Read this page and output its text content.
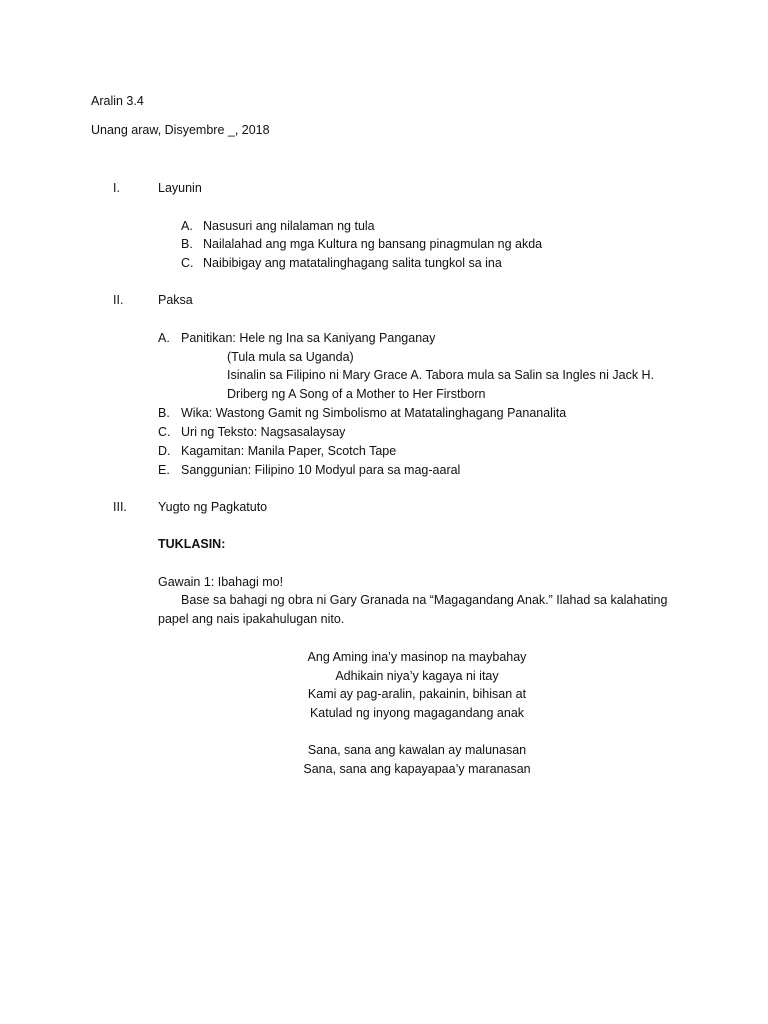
Aralin 3.4
Unang araw, Disyembre _, 2018
I.	Layunin
A. Nasusuri ang nilalaman ng tula
B. Nailalahad ang mga Kultura ng bansang pinagmulan ng akda
C. Naibibigay ang matatalinghagang salita tungkol sa ina
II.	Paksa
A. Panitikan: Hele ng Ina sa Kaniyang Panganay
(Tula mula sa Uganda)
Isinalin sa Filipino ni Mary Grace A. Tabora mula sa Salin sa Ingles ni Jack H.
Driberg ng A Song of a Mother to Her Firstborn
B. Wika: Wastong Gamit ng Simbolismo at Matatalinghagang Pananalita
C. Uri ng Teksto: Nagsasalaysay
D. Kagamitan: Manila Paper, Scotch Tape
E. Sanggunian: Filipino 10 Modyul para sa mag-aaral
III. Yugto ng Pagkatuto
TUKLASIN:
Gawain 1: Ibahagi mo!
Base sa bahagi ng obra ni Gary Granada na “Magagandang Anak.” Ilahad sa kalahating
papel ang nais ipakahulugan nito.
Ang Aming ina’y masinop na maybahay
Adhikain niya’y kagaya ni itay
Kami ay pag-aralin, pakainin, bihisan at
Katulad ng inyong magagandang anak
Sana, sana ang kawalan ay malunasan
Sana, sana ang kapayapaa’y maranasan
